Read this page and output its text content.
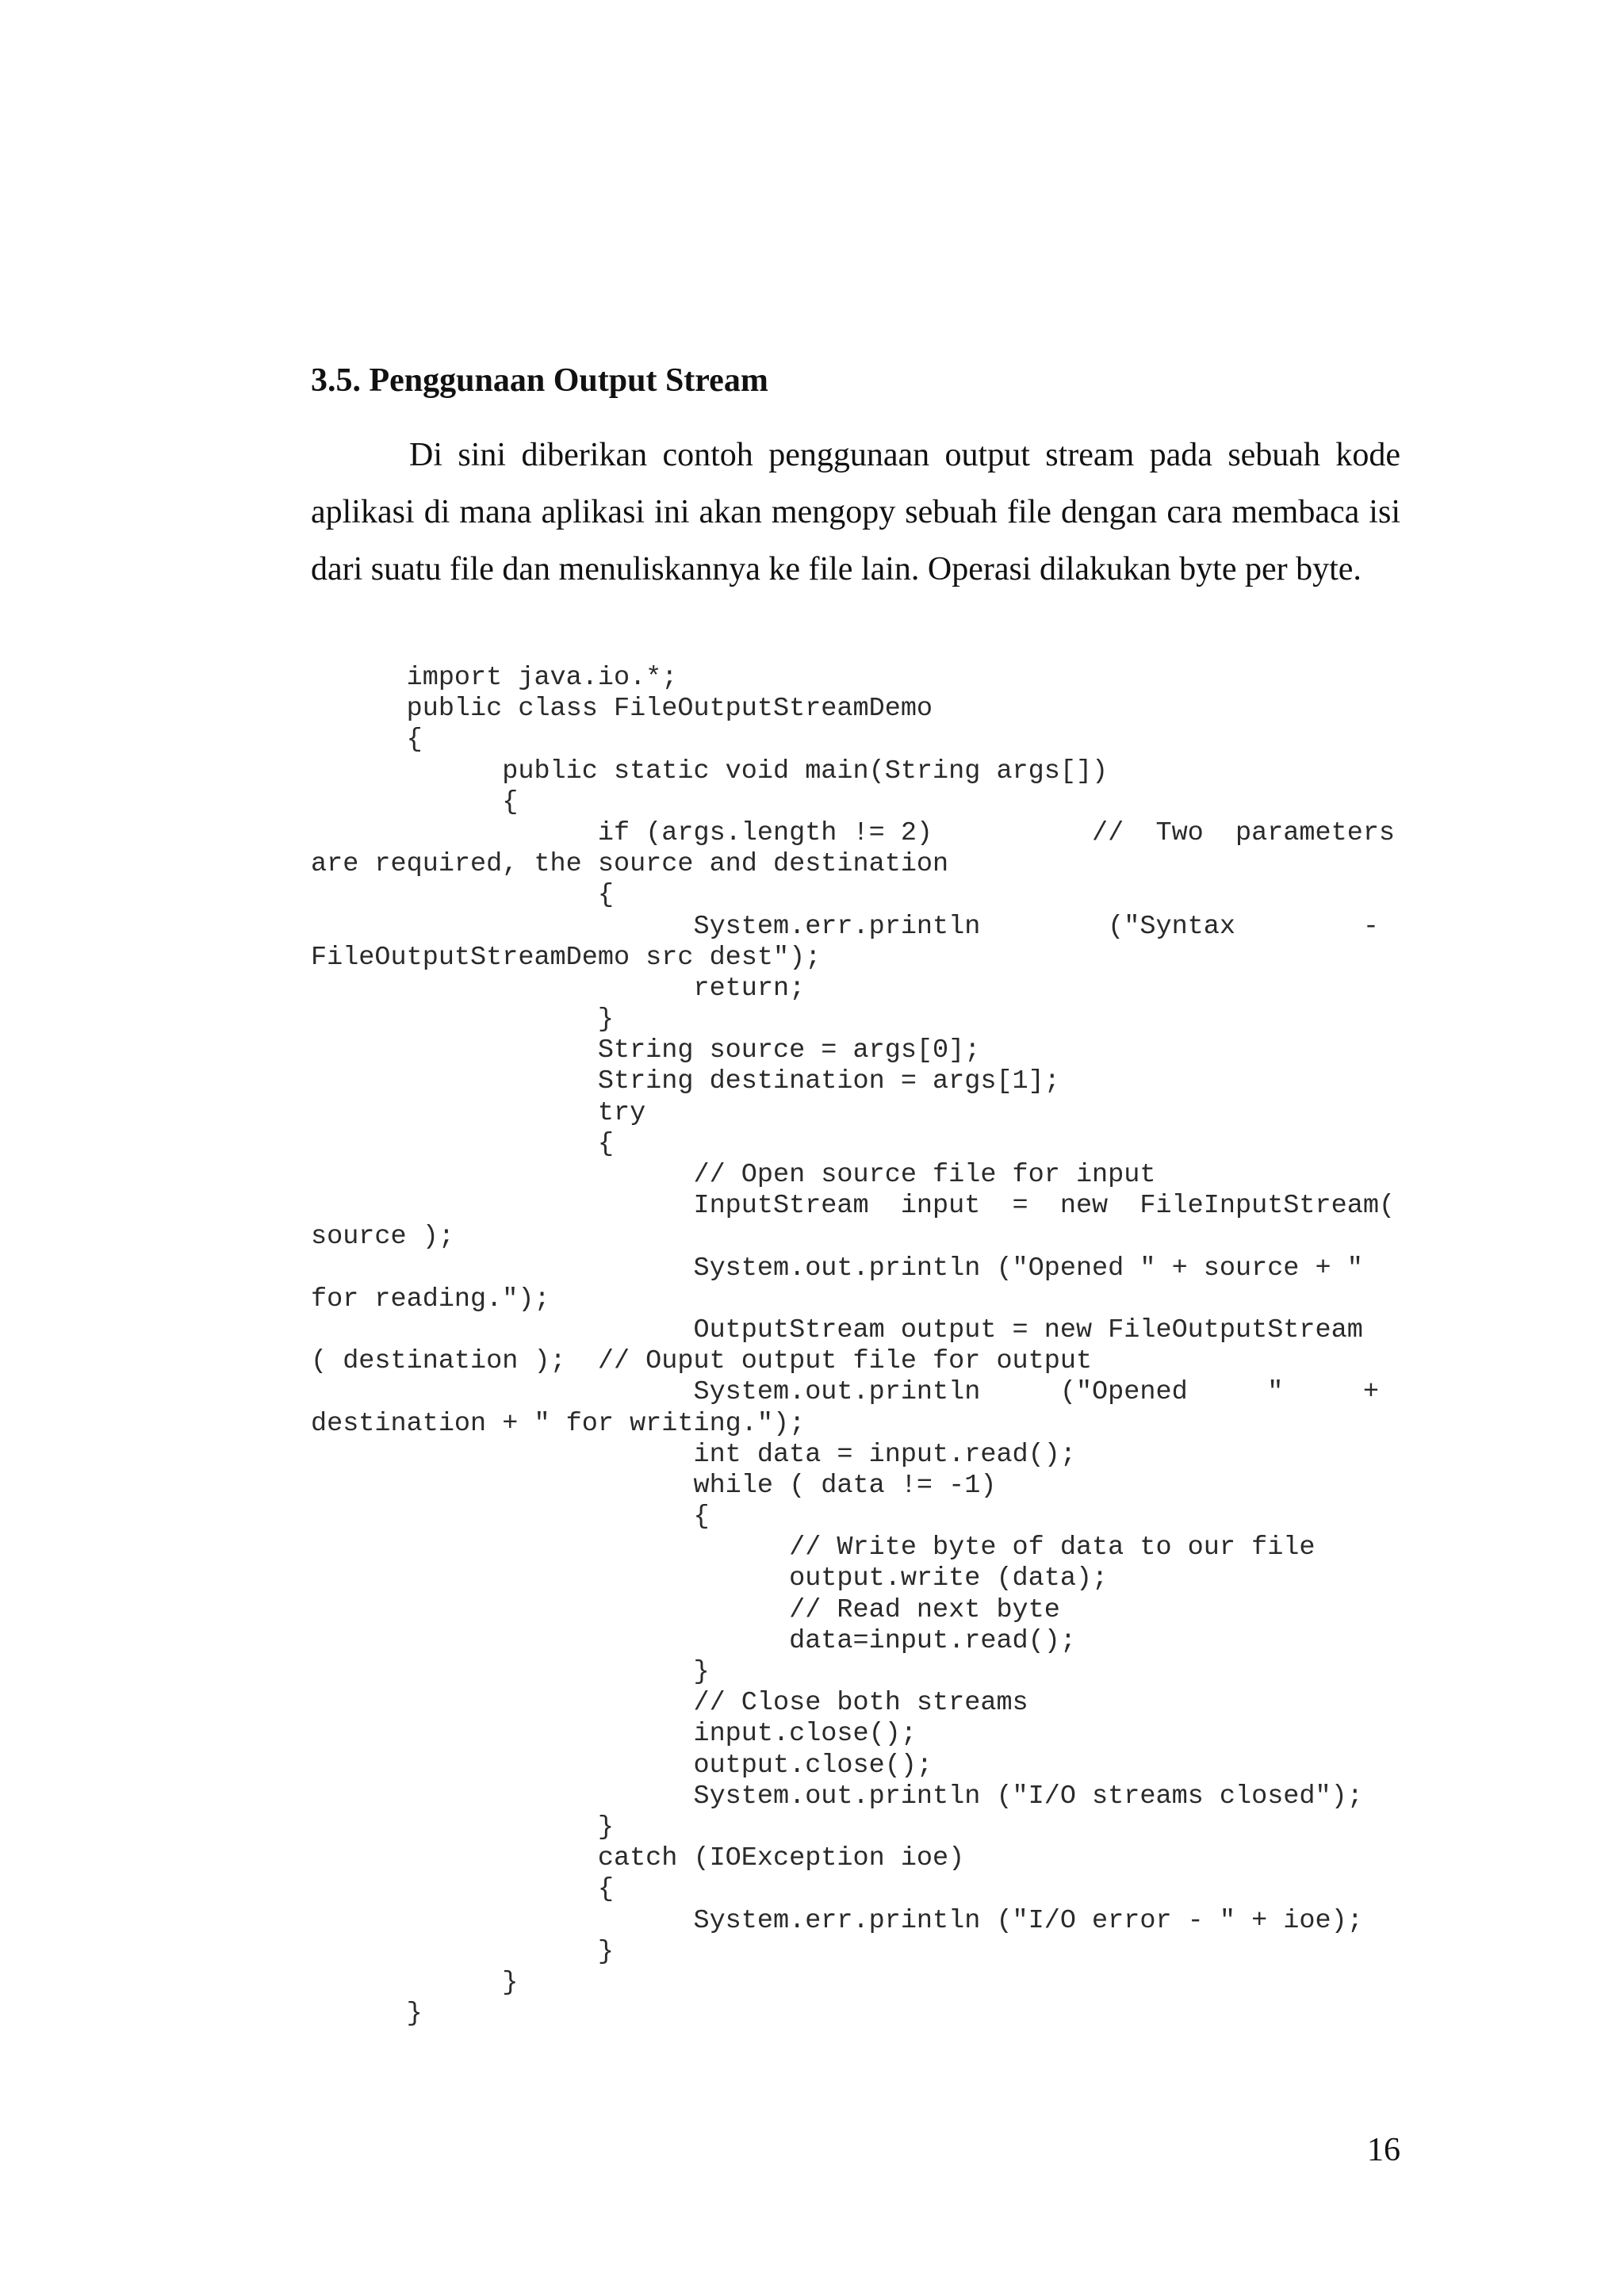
3.5. Penggunaan Output Stream

Di sini diberikan contoh penggunaan output stream pada sebuah kode aplikasi di mana aplikasi ini akan mengopy sebuah file dengan cara membaca isi dari suatu file dan menuliskannya ke file lain. Operasi dilakukan byte per byte.

import java.io.*;
public class FileOutputStreamDemo
{
public static void main(String args[])
{
if (args.length != 2)          //  Two  parameters
are required, the source and destination
{
System.err.println        ("Syntax        -
FileOutputStreamDemo src dest");
return;
}
String source = args[0];
String destination = args[1];
try
{
// Open source file for input
InputStream  input  =  new  FileInputStream(
source );
System.out.println ("Opened " + source + "
for reading.");
OutputStream output = new FileOutputStream
( destination );  // Ouput output file for output
System.out.println     ("Opened     "     +
destination + " for writing.");
int data = input.read();
while ( data != -1)
{
// Write byte of data to our file
output.write (data);
// Read next byte
data=input.read();
}
// Close both streams
input.close();
output.close();
System.out.println ("I/O streams closed");
}
catch (IOException ioe)
{
System.err.println ("I/O error - " + ioe);
}
}
}
16
